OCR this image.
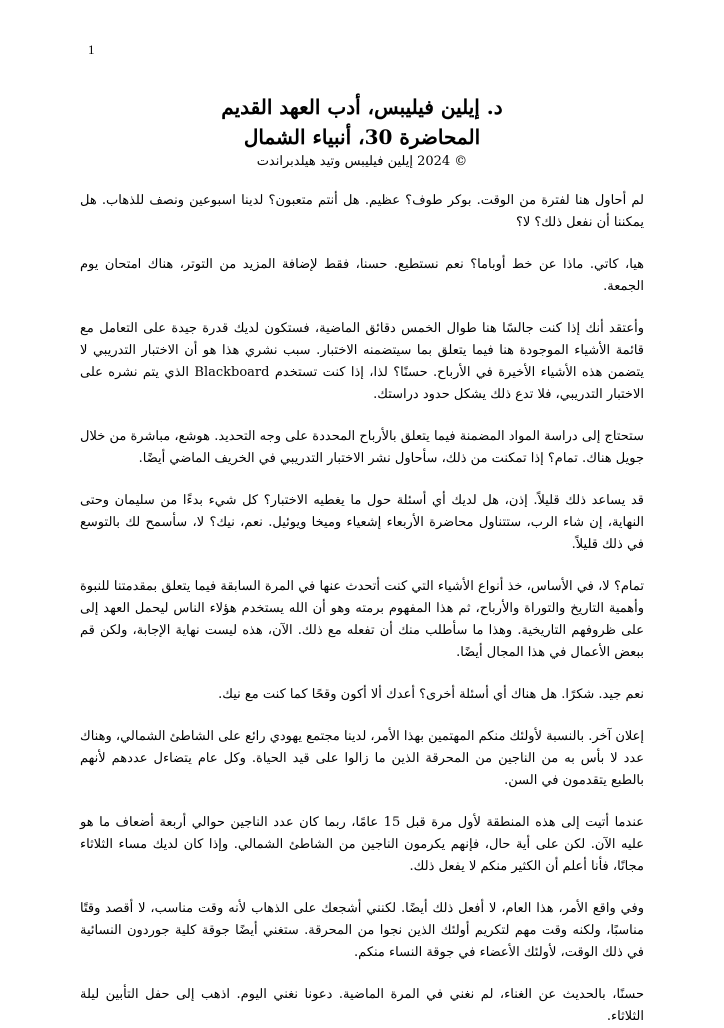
1
د. إيلين فيليبس، أدب العهد القديم
المحاضرة 30، أنبياء الشمال
© 2024 إيلين فيليبس وتيد هيلدبراندت

لم أحاول هنا لفترة من الوقت. بوكر طوف؟ عظيم. هل أنتم متعبون؟ لدينا اسبوعين ونصف للذهاب. هل يمكننا أن نفعل ذلك؟ لا؟

هيا، كاتي. ماذا عن خط أوباما؟ نعم نستطيع. حسنا، فقط لإضافة المزيد من التوتر، هناك امتحان يوم الجمعة.

وأعتقد أنك إذا كنت جالسًا هنا طوال الخمس دقائق الماضية، فستكون لديك قدرة جيدة على التعامل مع قائمة الأشياء الموجودة هنا فيما يتعلق بما سيتضمنه الاختبار. سبب نشري هذا هو أن الاختبار التدريبي لا يتضمن هذه الأشياء الأخيرة في الأرباح. حسنًا؟ لذا، إذا كنت تستخدم Blackboard الذي يتم نشره على الاختبار التدريبي، فلا تدع ذلك يشكل حدود دراستك.

ستحتاج إلى دراسة المواد المضمنة فيما يتعلق بالأرباح المحددة على وجه التحديد. هوشع، مباشرة من خلال جويل هناك. تمام؟ إذا تمكنت من ذلك، سأحاول نشر الاختبار التدريبي في الخريف الماضي أيضًا.

قد يساعد ذلك قليلاً. إذن، هل لديك أي أسئلة حول ما يغطيه الاختبار؟ كل شيء بدءًا من سليمان وحتى النهاية، إن شاء الرب، ستتناول محاضرة الأربعاء إشعياء وميخا ويوئيل. نعم، نيك؟ لا، سأسمح لك بالتوسع في ذلك قليلاً.

تمام؟ لا، في الأساس، خذ أنواع الأشياء التي كنت أتحدث عنها في المرة السابقة فيما يتعلق بمقدمتنا للنبوة وأهمية التاريخ والتوراة والأرباح، ثم هذا المفهوم برمته وهو أن الله يستخدم هؤلاء الناس ليحمل العهد إلى على ظروفهم التاريخية. وهذا ما سأطلب منك أن تفعله مع ذلك. الآن، هذه ليست نهاية الإجابة، ولكن قم ببعض الأعمال في هذا المجال أيضًا.

نعم جيد. شكرًا. هل هناك أي أسئلة أخرى؟ أعدك ألا أكون وقحًا كما كنت مع نيك.

إعلان آخر. بالنسبة لأولئك منكم المهتمين بهذا الأمر، لدينا مجتمع يهودي رائع على الشاطئ الشمالي، وهناك عدد لا بأس به من الناجين من المحرقة الذين ما زالوا على قيد الحياة. وكل عام يتضاءل عددهم لأنهم بالطبع يتقدمون في السن.

عندما أتيت إلى هذه المنطقة لأول مرة قبل 15 عامًا، ربما كان عدد الناجين حوالي أربعة أضعاف ما هو عليه الآن. لكن على أية حال، فإنهم يكرمون الناجين من الشاطئ الشمالي. وإذا كان لديك مساء الثلاثاء مجانًا، فأنا أعلم أن الكثير منكم لا يفعل ذلك.

وفي واقع الأمر، هذا العام، لا أفعل ذلك أيضًا. لكنني أشجعك على الذهاب لأنه وقت مناسب، لا أقصد وقتًا مناسبًا، ولكنه وقت مهم لتكريم أولئك الذين نجوا من المحرقة. ستغني أيضًا جوقة كلية جوردون النسائية في ذلك الوقت، لأولئك الأعضاء في جوقة النساء منكم.

حسنًا، بالحديث عن الغناء، لم نغني في المرة الماضية. دعونا نغني اليوم. اذهب إلى حفل التأبين ليلة الثلاثاء.
